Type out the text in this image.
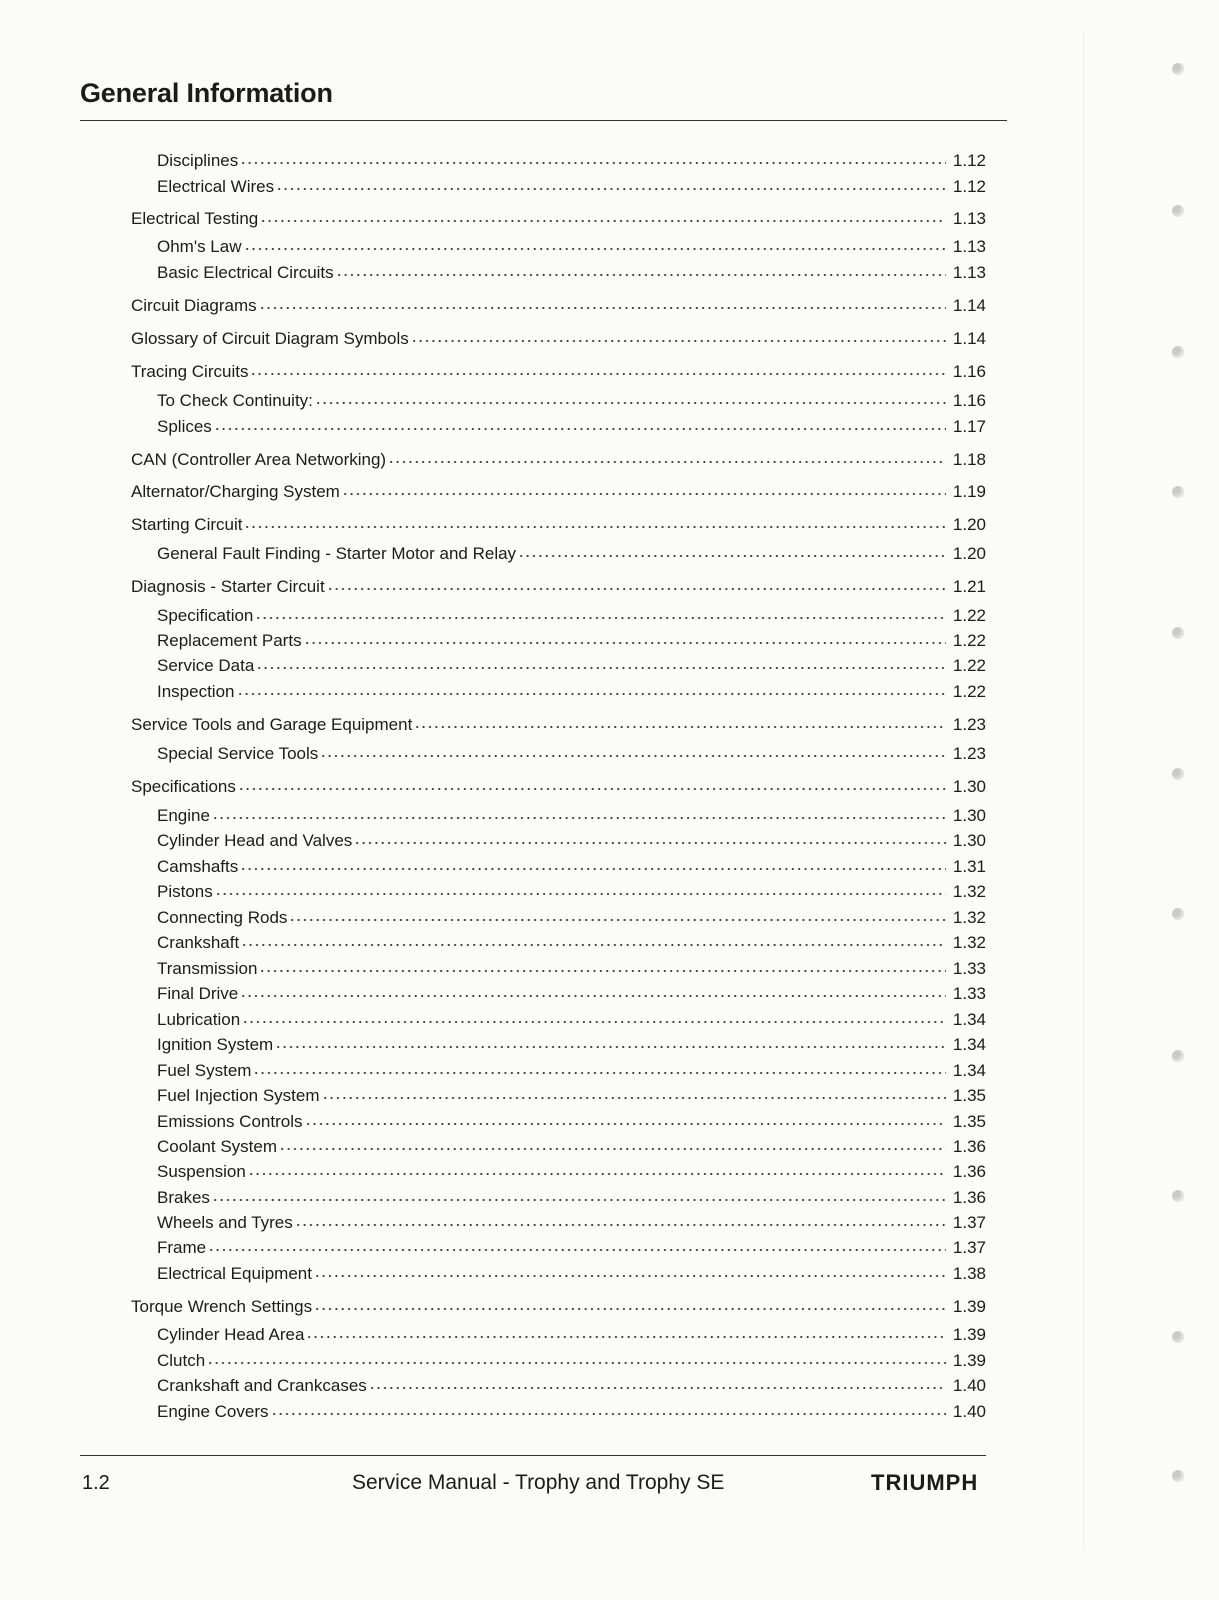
General Information
Disciplines	1.12
Electrical Wires	1.12
Electrical Testing	1.13
Ohm's Law	1.13
Basic Electrical Circuits	1.13
Circuit Diagrams	1.14
Glossary of Circuit Diagram Symbols	1.14
Tracing Circuits	1.16
To Check Continuity:	1.16
Splices	1.17
CAN (Controller Area Networking)	1.18
Alternator/Charging System	1.19
Starting Circuit	1.20
General Fault Finding - Starter Motor and Relay	1.20
Diagnosis - Starter Circuit	1.21
Specification	1.22
Replacement Parts	1.22
Service Data	1.22
Inspection	1.22
Service Tools and Garage Equipment	1.23
Special Service Tools	1.23
Specifications	1.30
Engine	1.30
Cylinder Head and Valves	1.30
Camshafts	1.31
Pistons	1.32
Connecting Rods	1.32
Crankshaft	1.32
Transmission	1.33
Final Drive	1.33
Lubrication	1.34
Ignition System	1.34
Fuel System	1.34
Fuel Injection System	1.35
Emissions Controls	1.35
Coolant System	1.36
Suspension	1.36
Brakes	1.36
Wheels and Tyres	1.37
Frame	1.37
Electrical Equipment	1.38
Torque Wrench Settings	1.39
Cylinder Head Area	1.39
Clutch	1.39
Crankshaft and Crankcases	1.40
Engine Covers	1.40
1.2	Service Manual - Trophy and Trophy SE	TRIUMPH
